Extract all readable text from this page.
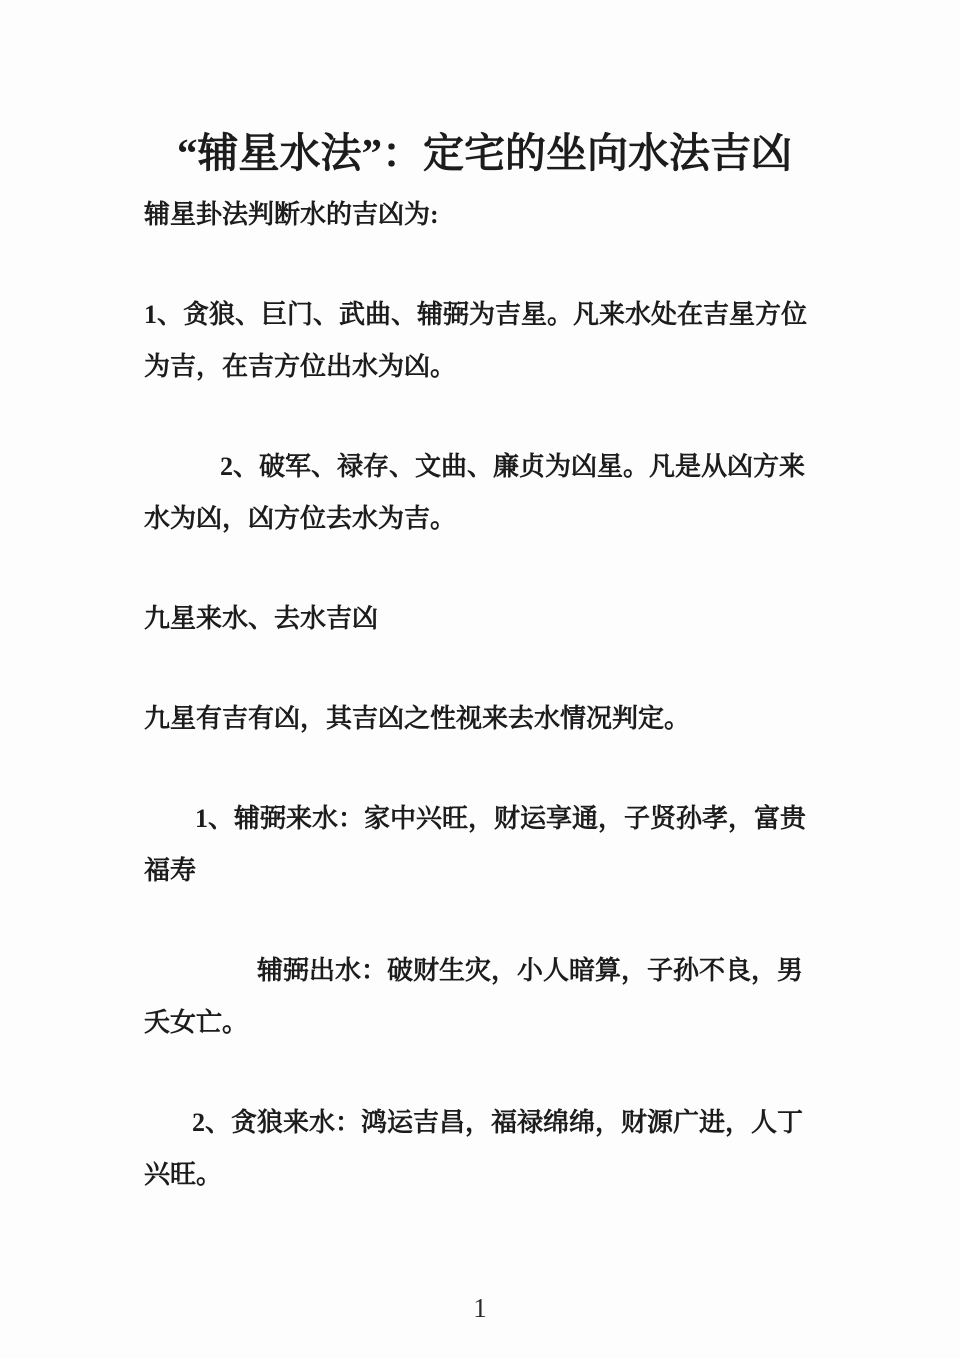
“辅星水法”：定宅的坐向水法吉凶

辅星卦法判断水的吉凶为:

1、贪狼、巨门、武曲、辅弼为吉星。凡来水处在吉星方位为吉，在吉方位出水为凶。

2、破军、禄存、文曲、廉贞为凶星。凡是从凶方来水为凶，凶方位去水为吉。

九星来水、去水吉凶

九星有吉有凶，其吉凶之性视来去水情况判定。

1、辅弼来水：家中兴旺，财运享通，子贤孙孝，富贵福寿

辅弼出水：破财生灾，小人暗算，子孙不良，男夭女亡。

2、贪狼来水：鸿运吉昌，福禄绵绵，财源广进，人丁兴旺。

1
